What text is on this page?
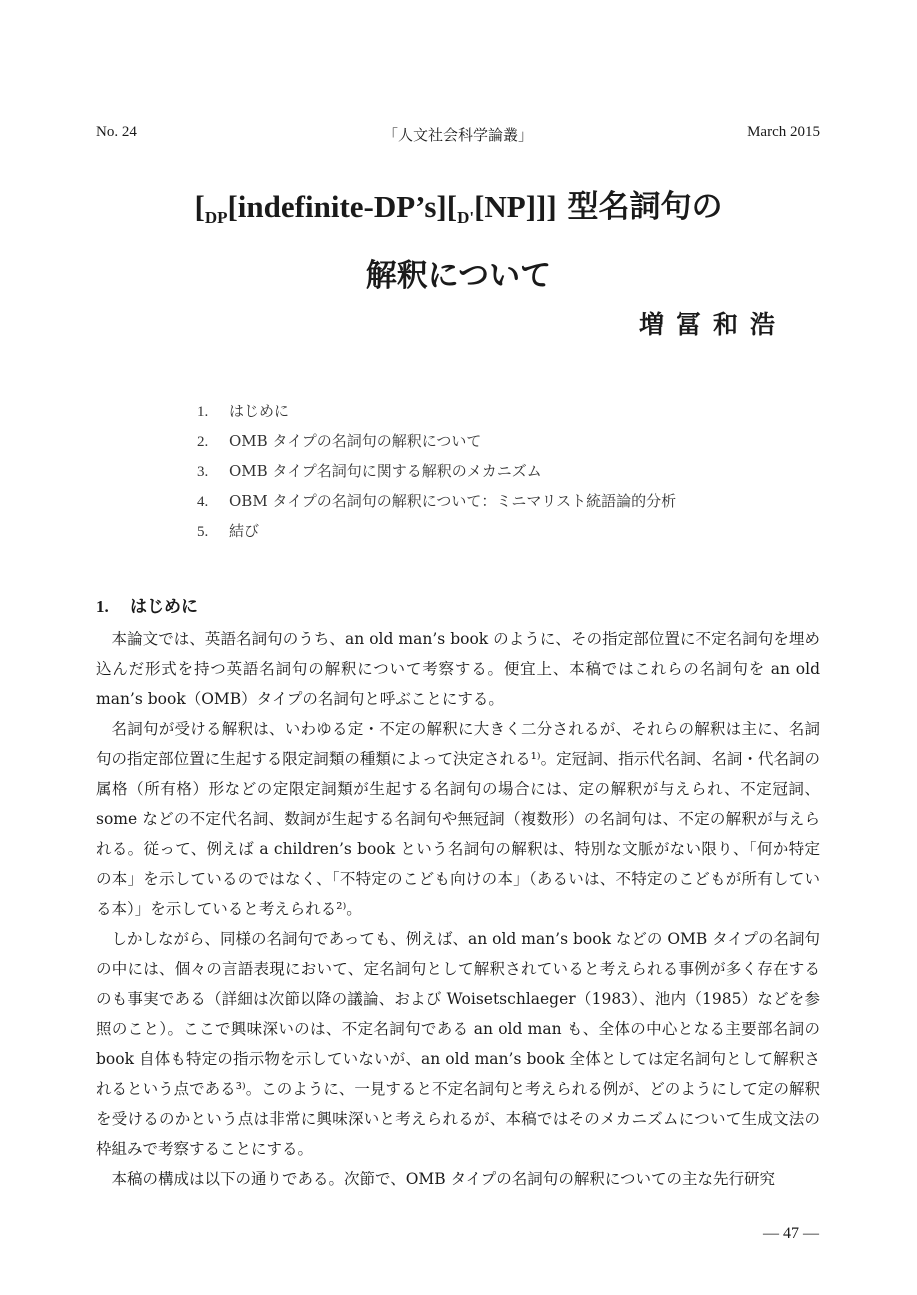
No. 24	「人文社会科学論叢」	March 2015
$[_{DP}[indefinite-DP’s][_{D'}[NP]]]$ 型名詞句の
解釈について
増冨和浩
1. はじめに
2. OMB タイプの名詞句の解釈について
3. OMB タイプ名詞句に関する解釈のメカニズム
4. OBM タイプの名詞句の解釈について：ミニマリスト統語論的分析
5. 結び
1. はじめに

本論文では、英語名詞句のうち、an old man’s book のように、その指定部位置に不定名詞句を埋め込んだ形式を持つ英語名詞句の解釈について考察する。便宜上、本稿ではこれらの名詞句を an old man’s book（OMB）タイプの名詞句と呼ぶことにする。

名詞句が受ける解釈は、いわゆる定・不定の解釈に大きく二分されるが、それらの解釈は主に、名詞句の指定部位置に生起する限定詞類の種類によって決定される¹⁾。定冠詞、指示代名詞、名詞・代名詞の属格（所有格）形などの定限定詞類が生起する名詞句の場合には、定の解釈が与えられ、不定冠詞、some などの不定代名詞、数詞が生起する名詞句や無冠詞（複数形）の名詞句は、不定の解釈が与えられる。従って、例えば a children’s book という名詞句の解釈は、特別な文脈がない限り、「何か特定の本」を示しているのではなく、「不特定のこども向けの本」（あるいは、不特定のこどもが所有している本）」を示していると考えられる²⁾。

しかしながら、同様の名詞句であっても、例えば、an old man’s book などの OMB タイプの名詞句の中には、個々の言語表現において、定名詞句として解釈されていると考えられる事例が多く存在するのも事実である（詳細は次節以降の議論、および Woisetschlaeger（1983）、池内（1985）などを参照のこと）。ここで興味深いのは、不定名詞句である an old man も、全体の中心となる主要部名詞の book 自体も特定の指示物を示していないが、an old man’s book 全体としては定名詞句として解釈されるという点である³⁾。このように、一見すると不定名詞句と考えられる例が、どのようにして定の解釈を受けるのかという点は非常に興味深いと考えられるが、本稿ではそのメカニズムについて生成文法の枠組みで考察することにする。

本稿の構成は以下の通りである。次節で、OMB タイプの名詞句の解釈についての主な先行研究

— 47 —
